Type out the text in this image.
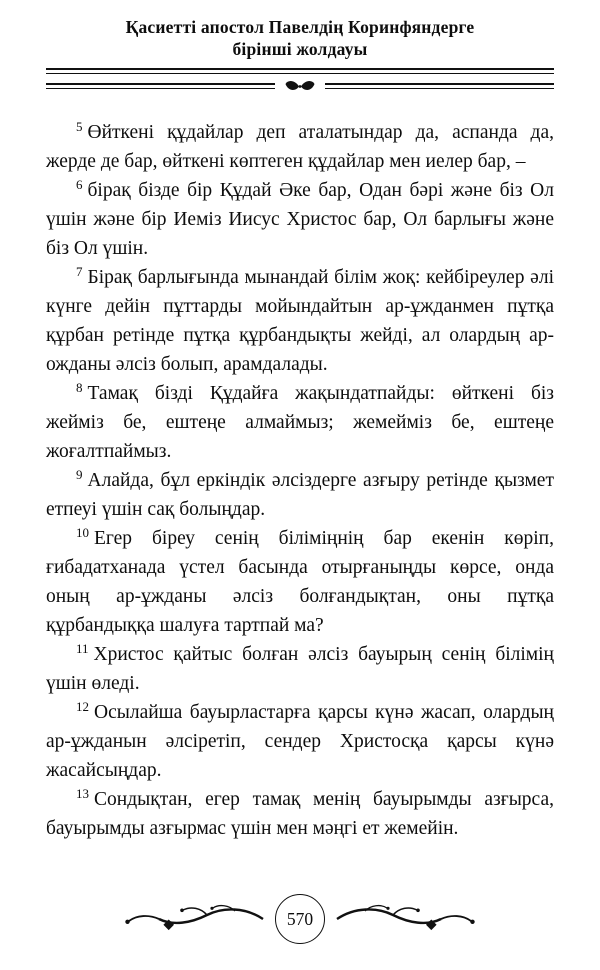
Қасиетті апостол Павелдің Коринфяндерге
бірінші жолдауы

$^5$ Өйткені құдайлар деп аталатындар да, аспанда да, жерде де бар, өйткені көптеген құдайлар мен иелер бар, –

$^6$ бірақ бізде бір Құдай Әке бар, Одан бәрі және біз Ол үшін және бір Иеміз Иисус Христос бар, Ол барлығы және біз Ол үшін.

$^7$ Бірақ барлығында мынандай білім жоқ: кейбіреулер әлі күнге дейін пұттарды мойындайтын ар-ұжданмен пұтқа құрбан ретінде пұтқа құрбандықты жейді, ал олардың ар-ожданы әлсіз болып, арамдалады.

$^8$ Тамақ бізді Құдайға жақындатпайды: өйткені біз жейміз бе, ештеңе алмаймыз; жемейміз бе, ештеңе жоғалтпаймыз.

$^9$ Алайда, бұл еркіндік әлсіздерге азғыру ретінде қызмет етпеуі үшін сақ болыңдар.

$^{10}$ Егер біреу сенің біліміңнің бар екенін көріп, ғибадатханада үстел басында отырғаныңды көрсе, онда оның ар-ұжданы әлсіз болғандықтан, оны пұтқа құрбандыққа шалуға тартпай ма?

$^{11}$ Христос қайтыс болған әлсіз бауырың сенің білімің үшін өледі.

$^{12}$ Осылайша бауырластарға қарсы күнә жасап, олардың ар-ұжданын әлсіретіп, сендер Христосқа қарсы күнә жасайсыңдар.

$^{13}$ Сондықтан, егер тамақ менің бауырымды азғырса, бауырымды азғырмас үшін мен мәңгі ет жемейін.

570
